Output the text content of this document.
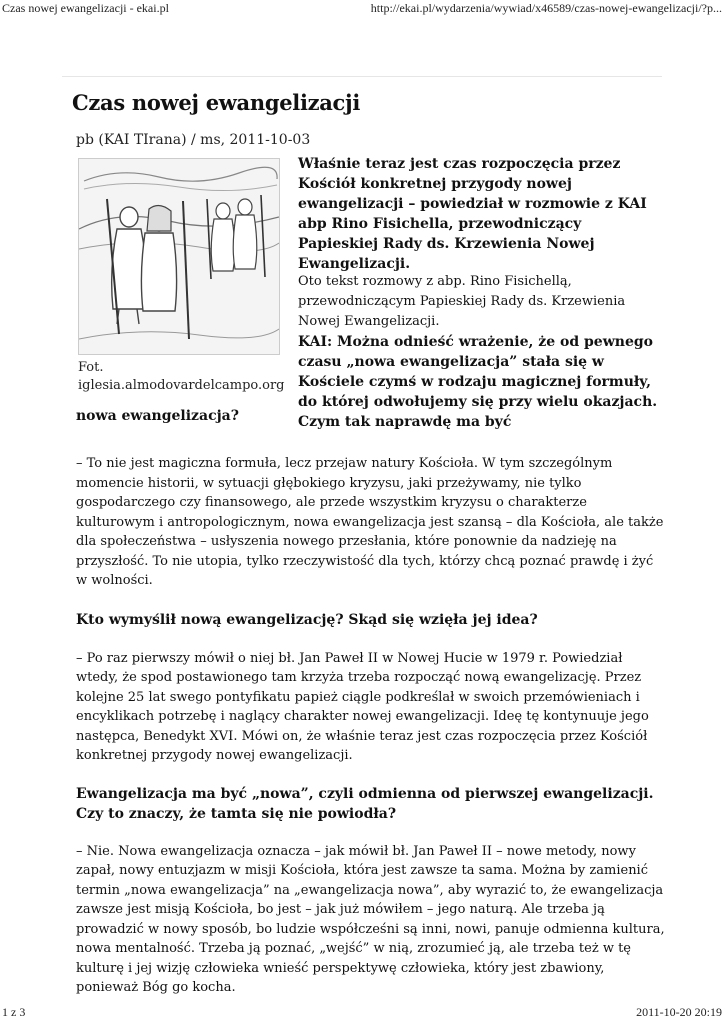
Czas nowej ewangelizacji - ekai.pl	http://ekai.pl/wydarzenia/wywiad/x46589/czas-nowej-ewangelizacji/?p...
Czas nowej ewangelizacji
pb (KAI TIrana) / ms, 2011-10-03
Fot.
iglesia.almodovardelcampo.org
Właśnie teraz jest czas rozpoczęcia przez Kościół konkretnej przygody nowej ewangelizacji – powiedział w rozmowie z KAI abp Rino Fisichella, przewodniczący Papieskiej Rady ds. Krzewienia Nowej Ewangelizacji.
Oto tekst rozmowy z abp. Rino Fisichellą, przewodniczącym Papieskiej Rady ds. Krzewienia Nowej Ewangelizacji.
KAI: Można odnieść wrażenie, że od pewnego czasu „nowa ewangelizacja” stała się w Kościele czymś w rodzaju magicznej formuły, do której odwołujemy się przy wielu okazjach. Czym tak naprawdę ma być
nowa ewangelizacja?

– To nie jest magiczna formuła, lecz przejaw natury Kościoła. W tym szczególnym momencie historii, w sytuacji głębokiego kryzysu, jaki przeżywamy, nie tylko gospodarczego czy finansowego, ale przede wszystkim kryzysu o charakterze kulturowym i antropologicznym, nowa ewangelizacja jest szansą – dla Kościoła, ale także dla społeczeństwa – usłyszenia nowego przesłania, które ponownie da nadzieję na przyszłość. To nie utopia, tylko rzeczywistość dla tych, którzy chcą poznać prawdę i żyć w wolności.

Kto wymyślił nową ewangelizację? Skąd się wzięła jej idea?

– Po raz pierwszy mówił o niej bł. Jan Paweł II w Nowej Hucie w 1979 r. Powiedział wtedy, że spod postawionego tam krzyża trzeba rozpocząć nową ewangelizację. Przez kolejne 25 lat swego pontyfikatu papież ciągle podkreślał w swoich przemówieniach i encyklikach potrzebę i naglący charakter nowej ewangelizacji. Ideę tę kontynuuje jego następca, Benedykt XVI. Mówi on, że właśnie teraz jest czas rozpoczęcia przez Kościół konkretnej przygody nowej ewangelizacji.

Ewangelizacja ma być „nowa”, czyli odmienna od pierwszej ewangelizacji. Czy to znaczy, że tamta się nie powiodła?

– Nie. Nowa ewangelizacja oznacza – jak mówił bł. Jan Paweł II – nowe metody, nowy zapał, nowy entuzjazm w misji Kościoła, która jest zawsze ta sama. Można by zamienić termin „nowa ewangelizacja” na „ewangelizacja nowa”, aby wyrazić to, że ewangelizacja zawsze jest misją Kościoła, bo jest – jak już mówiłem – jego naturą. Ale trzeba ją prowadzić w nowy sposób, bo ludzie współcześni są inni, nowi, panuje odmienna kultura, nowa mentalność. Trzeba ją poznać, „wejść” w nią, zrozumieć ją, ale trzeba też w tę kulturę i jej wizję człowieka wnieść perspektywę człowieka, który jest zbawiony, ponieważ Bóg go kocha.

1 z 3	2011-10-20 20:19
